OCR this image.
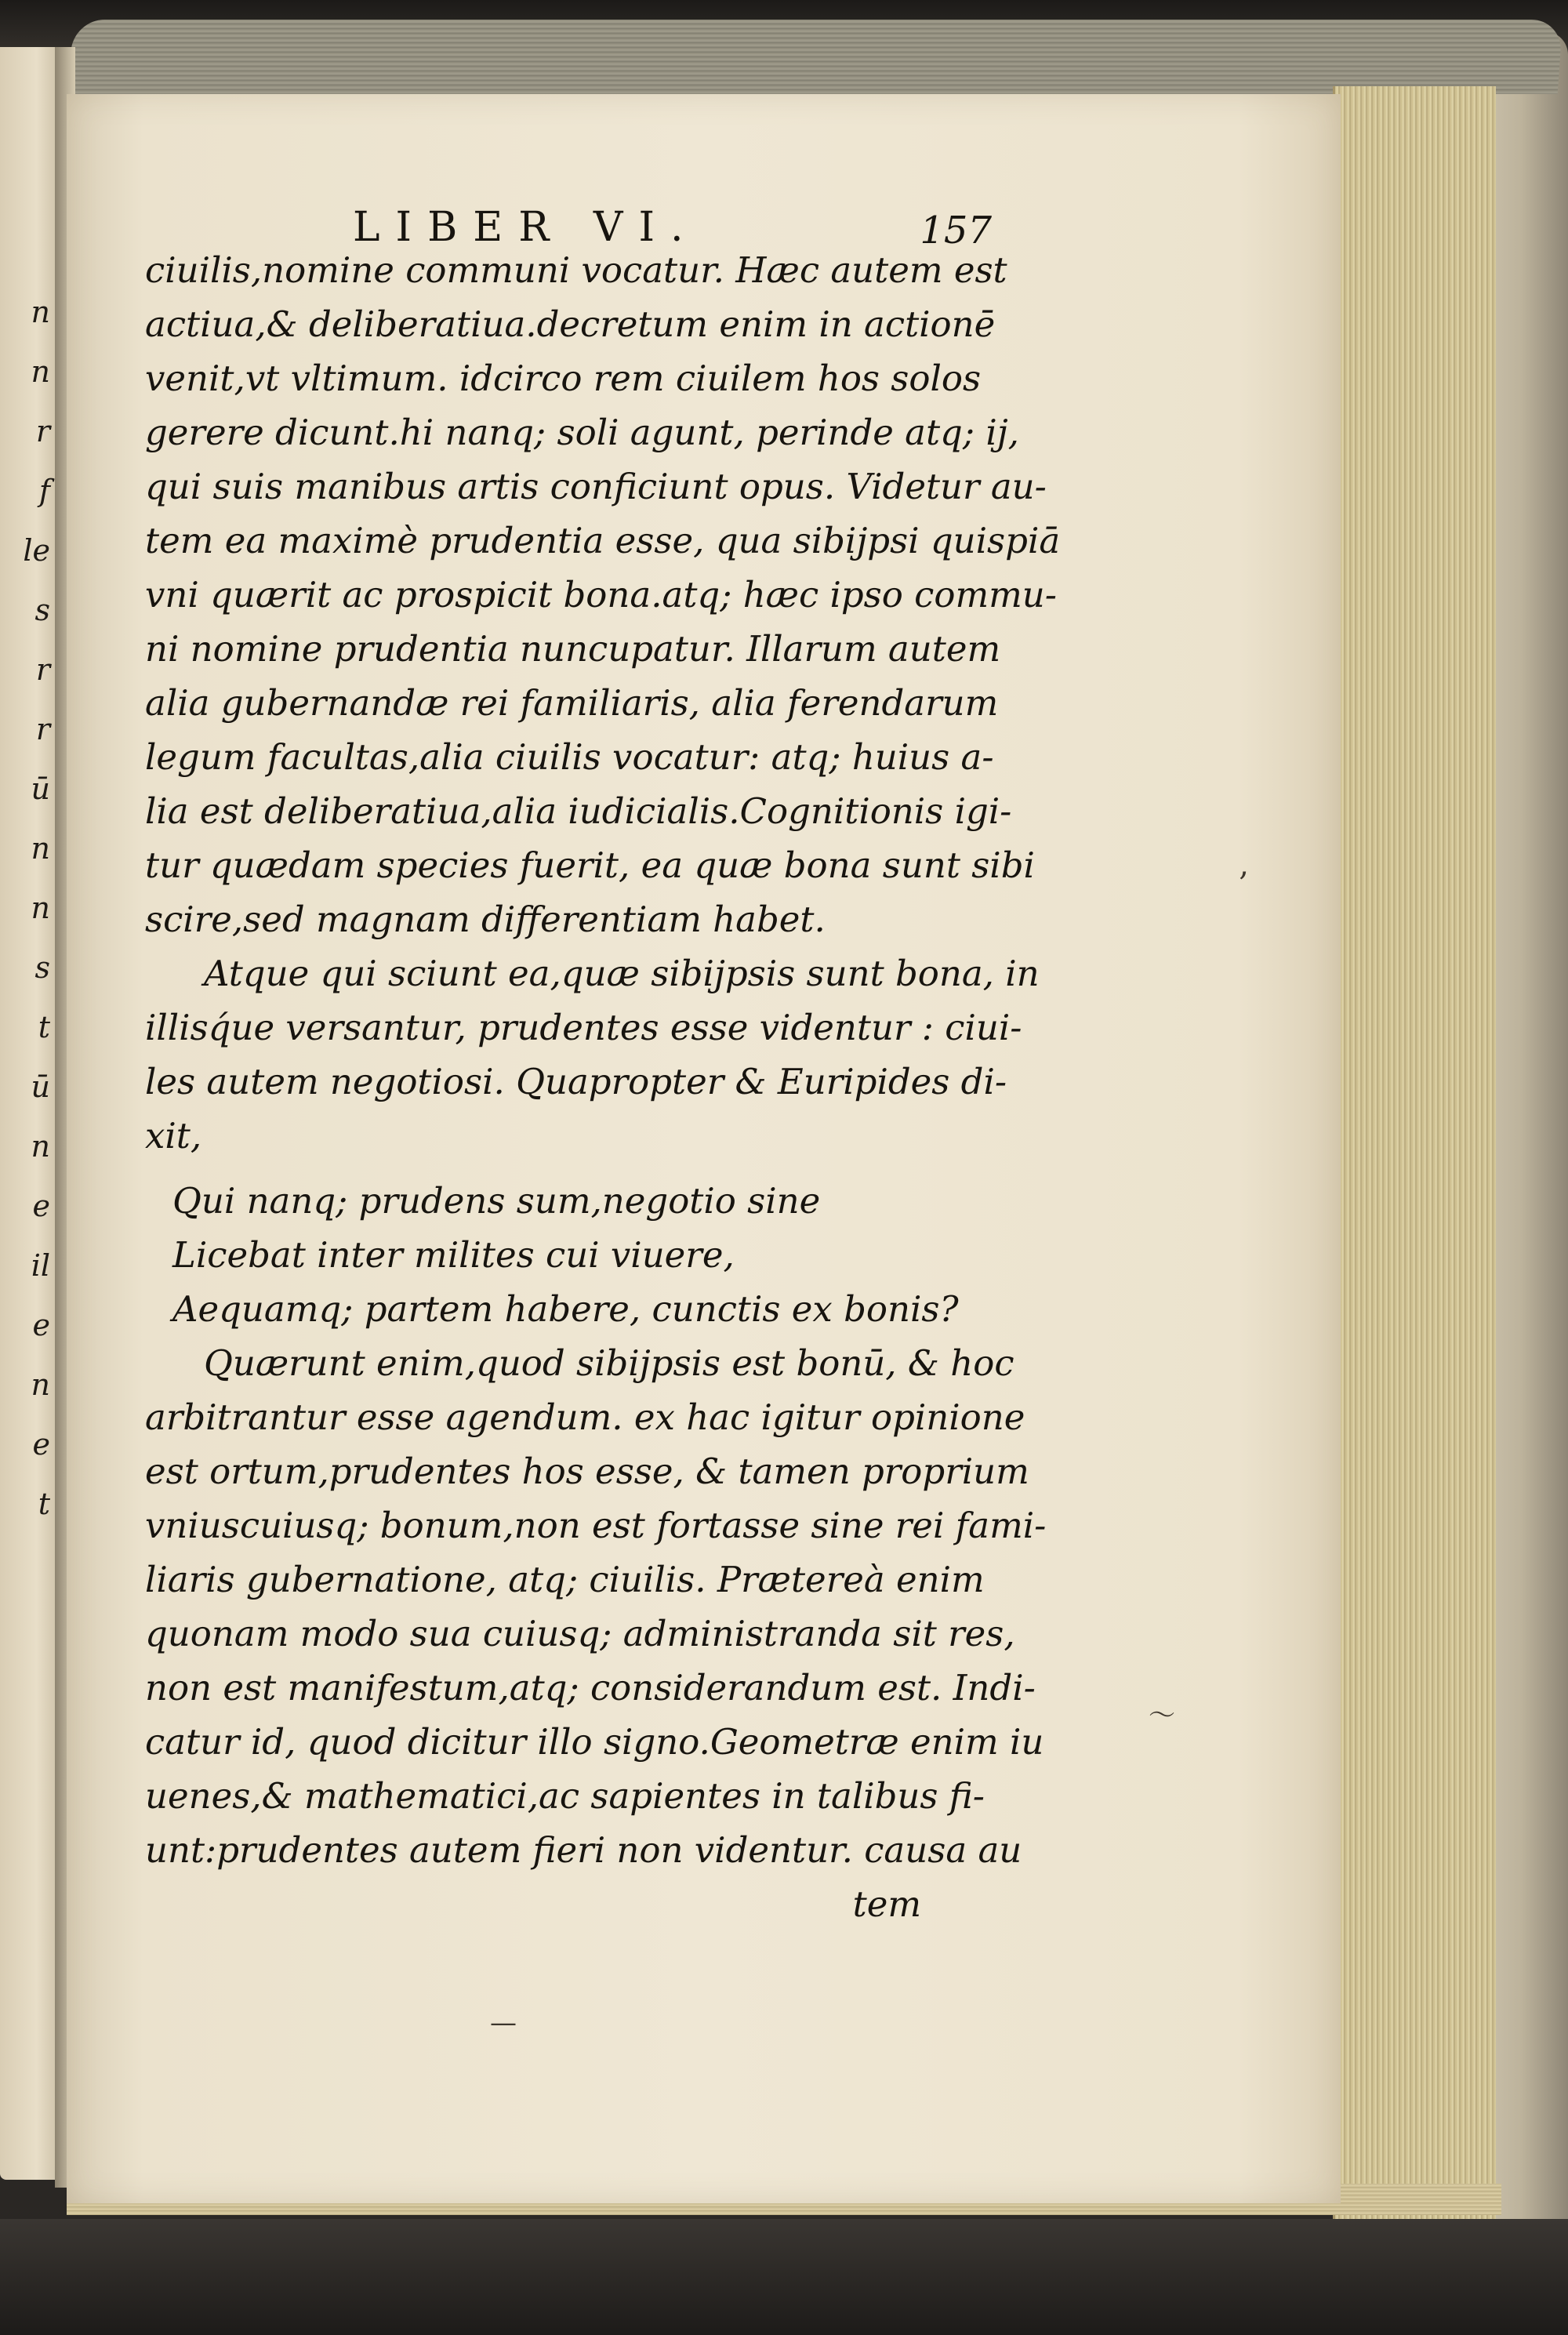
n
n
r
f
le
s
r
r
ū
n
n
s
t
ū
n
e
il
e
n
e
t
LIBER VI.	157
ciuilis,nomine communi vocatur. Hæc autem est
actiua,& deliberatiua.decretum enim in actionē
venit,vt vltimum. idcirco rem ciuilem hos solos
gerere dicunt.hi nanq; soli agunt, perinde atq; ij,
qui suis manibus artis conficiunt opus. Videtur au-
tem ea maximè prudentia esse, qua sibijpsi quispiā
vni quærit ac prospicit bona.atq; hæc ipso commu-
ni nomine prudentia nuncupatur. Illarum autem
alia gubernandæ rei familiaris, alia ferendarum
legum facultas,alia ciuilis vocatur: atq; huius a-
lia est deliberatiua,alia iudicialis.Cognitionis igi-
tur quædam species fuerit, ea quæ bona sunt sibi
scire,sed magnam differentiam habet.
Atque qui sciunt ea,quæ sibijpsis sunt bona, in
illisq́ue versantur, prudentes esse videntur : ciui-
les autem negotiosi. Quapropter & Euripides di-
xit,
Qui nanq; prudens sum,negotio sine
Licebat inter milites cui viuere,
Aequamq; partem habere, cunctis ex bonis?
Quærunt enim,quod sibijpsis est bonū, & hoc
arbitrantur esse agendum. ex hac igitur opinione
est ortum,prudentes hos esse, & tamen proprium
vniuscuiusq; bonum,non est fortasse sine rei fami-
liaris gubernatione, atq; ciuilis. Prætereà enim
quonam modo sua cuiusq; administranda sit res,
non est manifestum,atq; considerandum est. Indi-
catur id, quod dicitur illo signo.Geometræ enim iu
uenes,& mathematici,ac sapientes in talibus fi-
unt:prudentes autem fieri non videntur. causa au
tem
‚
〜
—
